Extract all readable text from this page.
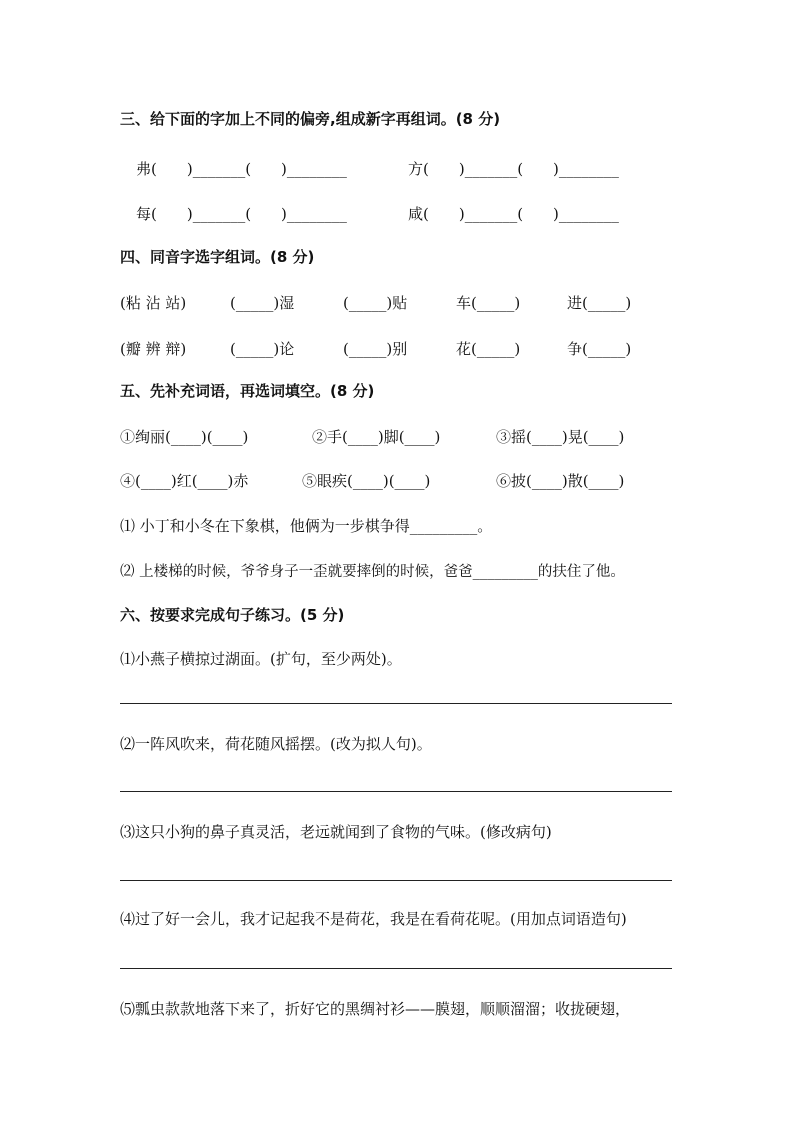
三、给下面的字加上不同的偏旁,组成新字再组词。(8 分)
弗(　　)_______(　　)________	方(　　)_______(　　)________
每(　　)_______(　　)________	咸(　　)_______(　　)________
四、同音字选字组词。(8 分)
(粘 沾 站)	(_____)湿	(_____)贴	车(_____)	进(_____)
(瓣 辨 辩)	(_____)论	(_____)别	花(_____)	争(_____)
五、先补充词语，再选词填空。(8 分)
①绚丽(____)(____)	②手(____)脚(____)	③摇(____)晃(____)
④(____)红(____)赤	⑤眼疾(____)(____)	⑥披(____)散(____)
⑴ 小丁和小冬在下象棋，他俩为一步棋争得_________。
⑵ 上楼梯的时候，爷爷身子一歪就要摔倒的时候，爸爸_________的扶住了他。
六、按要求完成句子练习。(5 分)
⑴小燕子横掠过湖面。(扩句，至少两处)。
⑵一阵风吹来，荷花随风摇摆。(改为拟人句)。
⑶这只小狗的鼻子真灵活，老远就闻到了食物的气味。(修改病句)
⑷过了好一会儿，我才记起我不是荷花，我是在看荷花呢。(用加点词语造句)
⑸瓢虫款款地落下来了，折好它的黑绸衬衫——膜翅，顺顺溜溜；收拢硬翅，
